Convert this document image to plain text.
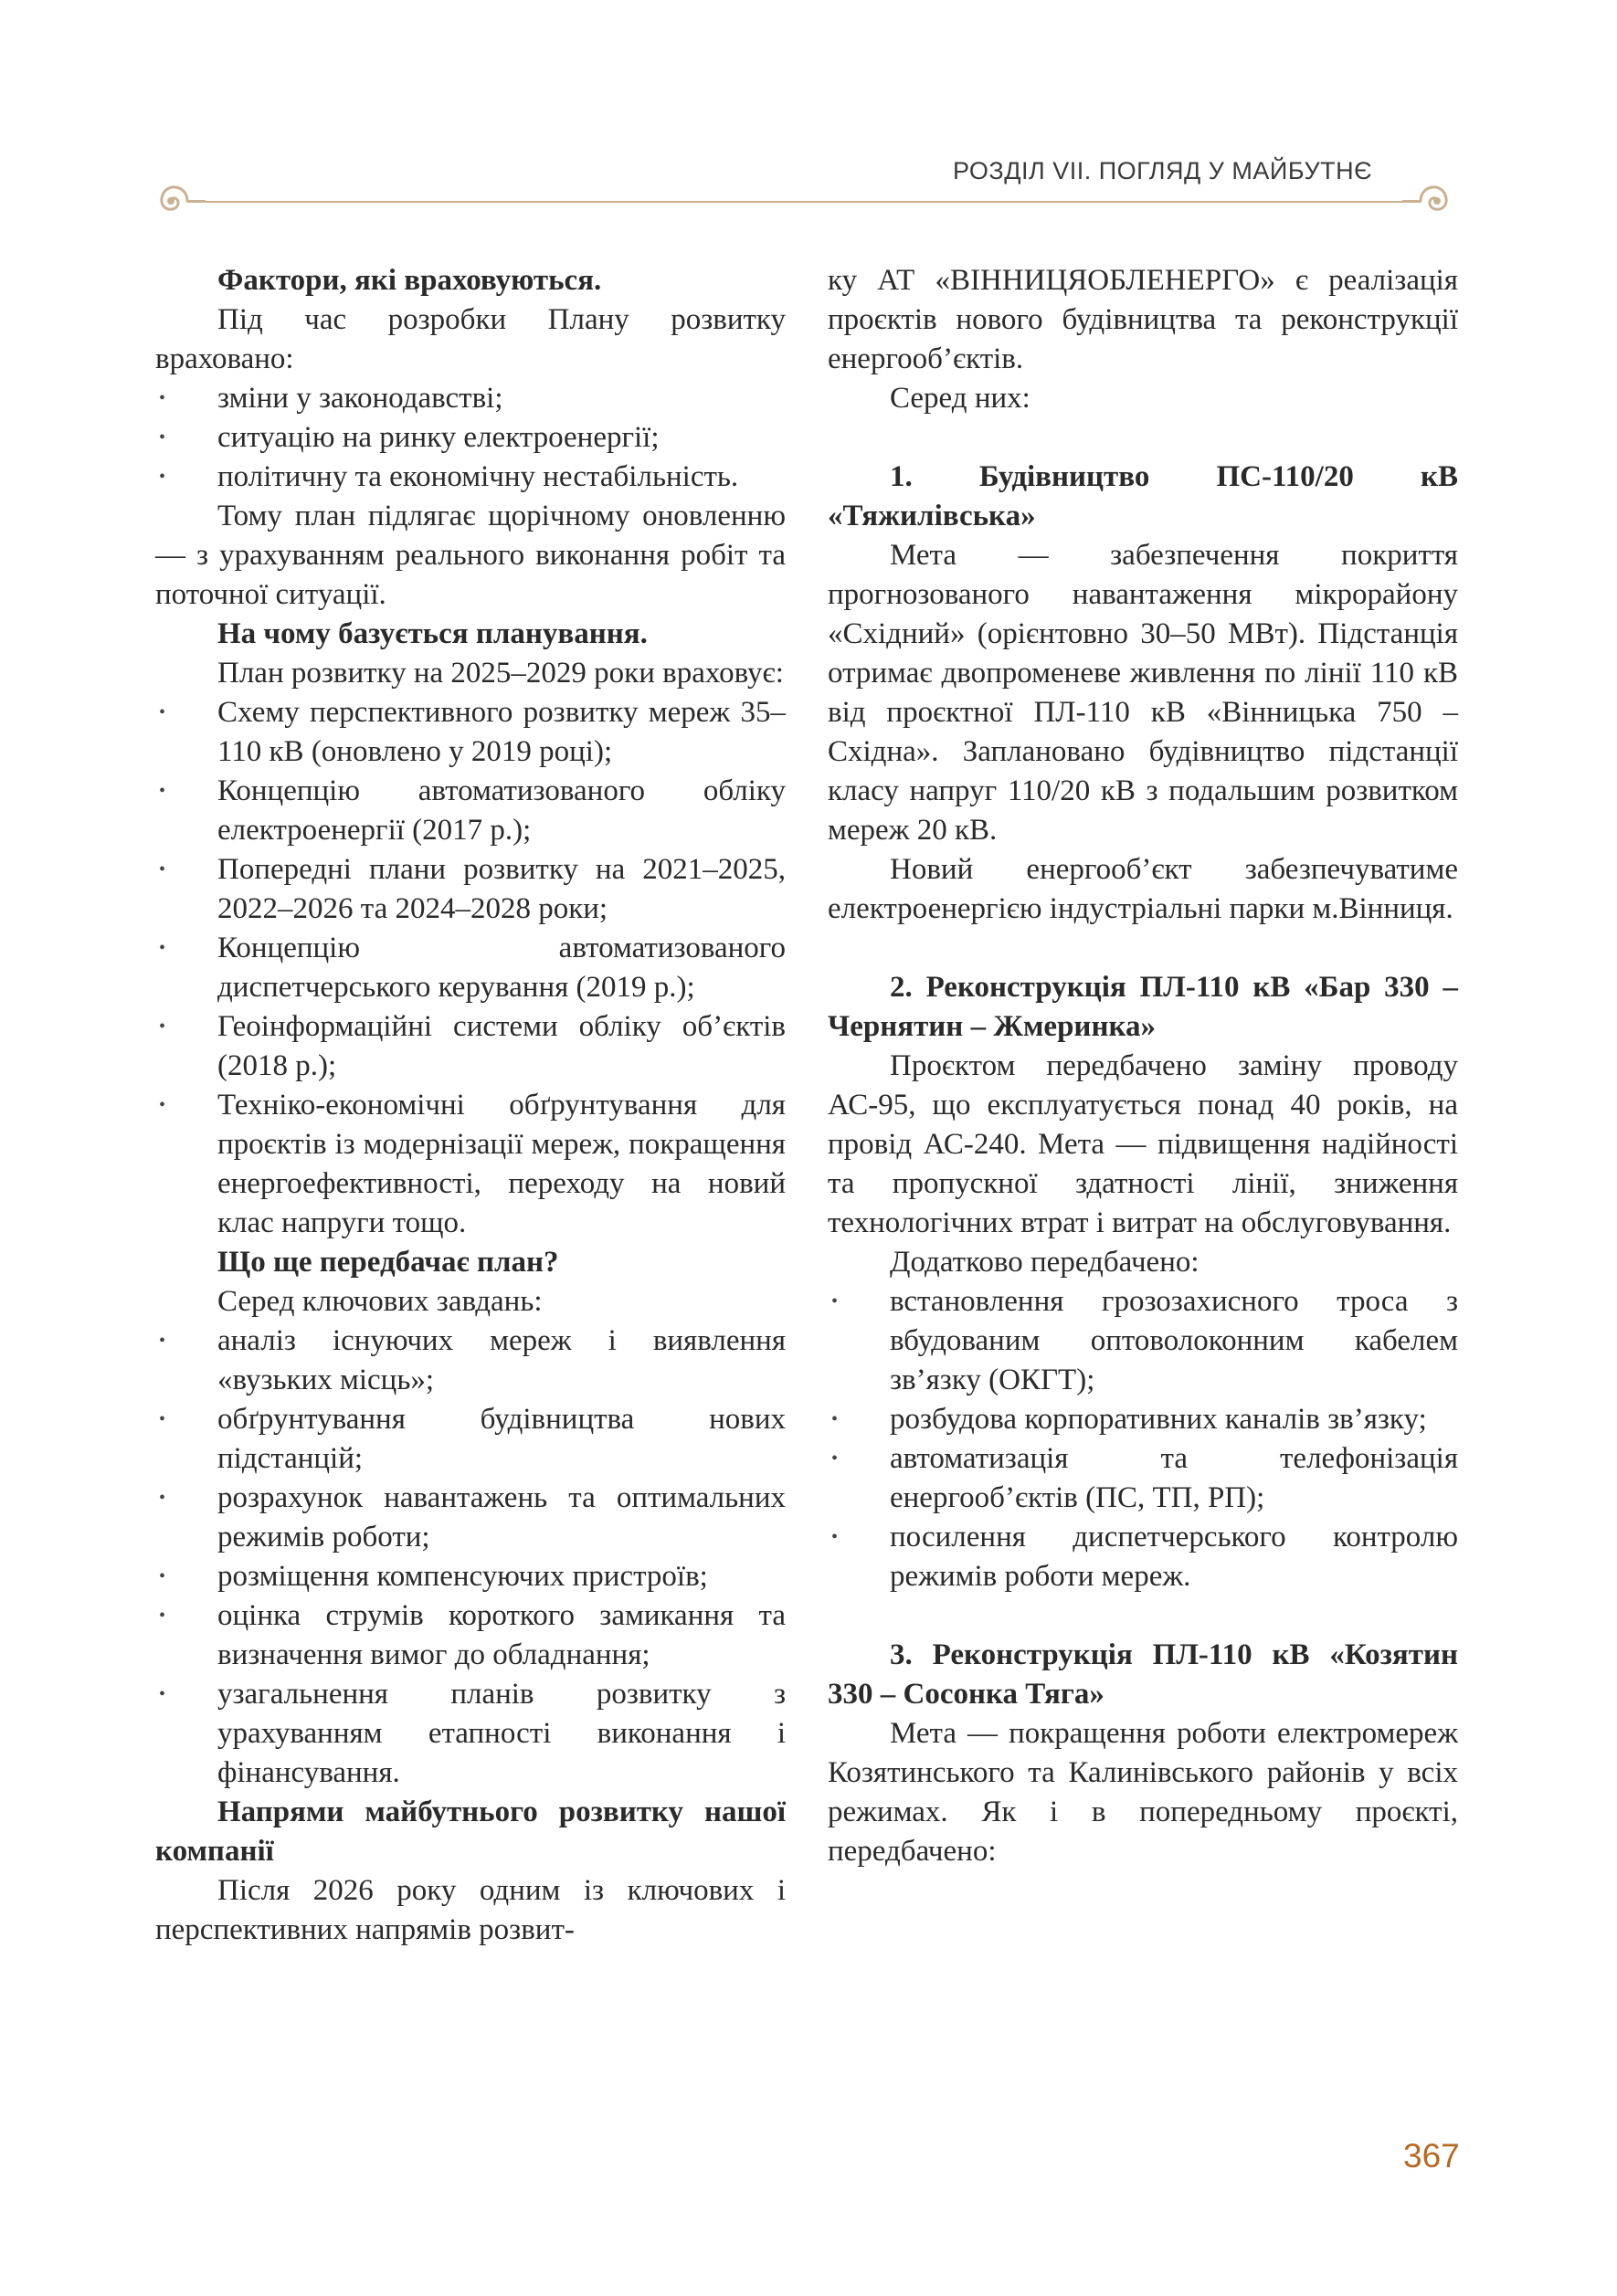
РОЗДІЛ VII. ПОГЛЯД У МАЙБУТНЄ

Фактори, які враховуються.

Під час розробки Плану розвитку враховано:

• зміни у законодавстві;
• ситуацію на ринку електроенергії;
• політичну та економічну нестабільність.

Тому план підлягає щорічному оновленню — з урахуванням реального виконання робіт та поточної ситуації.

На чому базується планування.

План розвитку на 2025–2029 роки враховує:

• Схему перспективного розвитку мереж 35–110 кВ (оновлено у 2019 році);
• Концепцію автоматизованого обліку електроенергії (2017 р.);
• Попередні плани розвитку на 2021–2025, 2022–2026 та 2024–2028 роки;
• Концепцію автоматизованого диспетчерського керування (2019 р.);
• Геоінформаційні системи обліку об’єктів (2018 р.);
• Техніко-економічні обґрунтування для проєктів із модернізації мереж, покращення енергоефективності, переходу на новий клас напруги тощо.

Що ще передбачає план?

Серед ключових завдань:

• аналіз існуючих мереж і виявлення «вузьких місць»;
• обґрунтування будівництва нових підстанцій;
• розрахунок навантажень та оптимальних режимів роботи;
• розміщення компенсуючих пристроїв;
• оцінка струмів короткого замикання та визначення вимог до обладнання;
• узагальнення планів розвитку з урахуванням етапності виконання і фінансування.

Напрями майбутнього розвитку нашої компанії

Після 2026 року одним із ключових і перспективних напрямів розвит-

ку АТ «ВІННИЦЯОБЛЕНЕРГО» є реалізація проєктів нового будівництва та реконструкції енергооб’єктів.

Серед них:

1. Будівництво ПС-110/20 кВ «Тяжилівська»

Мета — забезпечення покриття прогнозованого навантаження мікрорайону «Східний» (орієнтовно 30–50 МВт). Підстанція отримає двопроменеве живлення по лінії 110 кВ від проєктної ПЛ-110 кВ «Вінницька 750 – Східна». Заплановано будівництво підстанції класу напруг 110/20 кВ з подальшим розвитком мереж 20 кВ.

Новий енергооб’єкт забезпечуватиме електроенергією індустріальні парки м.Вінниця.

2. Реконструкція ПЛ-110 кВ «Бар 330 – Чернятин – Жмеринка»

Проєктом передбачено заміну проводу АС-95, що експлуатується понад 40 років, на провід АС-240. Мета — підвищення надійності та пропускної здатності лінії, зниження технологічних втрат і витрат на обслуговування.

Додатково передбачено:

• встановлення грозозахисного троса з вбудованим оптоволоконним кабелем зв’язку (ОКГТ);
• розбудова корпоративних каналів зв’язку;
• автоматизація та телефонізація енергооб’єктів (ПС, ТП, РП);
• посилення диспетчерського контролю режимів роботи мереж.

3. Реконструкція ПЛ-110 кВ «Козятин 330 – Сосонка Тяга»

Мета — покращення роботи електромереж Козятинського та Калинівського районів у всіх режимах. Як і в попередньому проєкті, передбачено:

367
